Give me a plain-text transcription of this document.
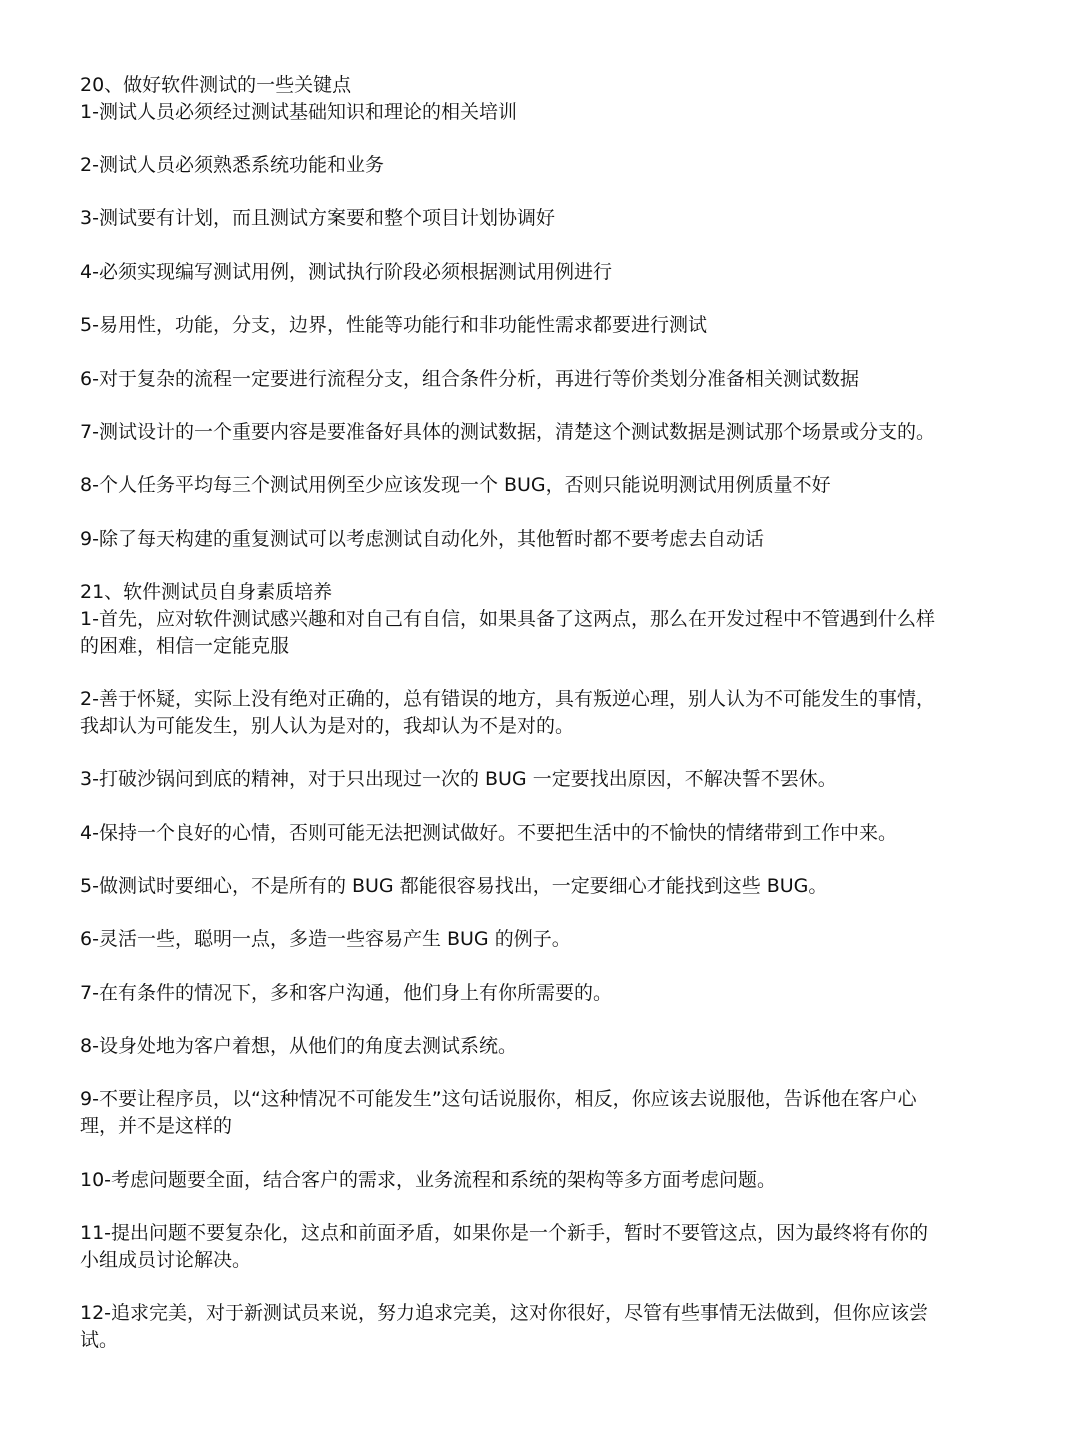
20、做好软件测试的一些关键点
1-测试人员必须经过测试基础知识和理论的相关培训
2-测试人员必须熟悉系统功能和业务
3-测试要有计划，而且测试方案要和整个项目计划协调好
4-必须实现编写测试用例，测试执行阶段必须根据测试用例进行
5-易用性，功能，分支，边界，性能等功能行和非功能性需求都要进行测试
6-对于复杂的流程一定要进行流程分支，组合条件分析，再进行等价类划分准备相关测试数据
7-测试设计的一个重要内容是要准备好具体的测试数据，清楚这个测试数据是测试那个场景或分支的。
8-个人任务平均每三个测试用例至少应该发现一个 BUG，否则只能说明测试用例质量不好
9-除了每天构建的重复测试可以考虑测试自动化外，其他暂时都不要考虑去自动话
21、软件测试员自身素质培养
1-首先，应对软件测试感兴趣和对自己有自信，如果具备了这两点，那么在开发过程中不管遇到什么样
的困难，相信一定能克服
2-善于怀疑，实际上没有绝对正确的，总有错误的地方，具有叛逆心理，别人认为不可能发生的事情，
我却认为可能发生，别人认为是对的，我却认为不是对的。
3-打破沙锅问到底的精神，对于只出现过一次的 BUG 一定要找出原因，不解决誓不罢休。
4-保持一个良好的心情，否则可能无法把测试做好。不要把生活中的不愉快的情绪带到工作中来。
5-做测试时要细心，不是所有的 BUG 都能很容易找出，一定要细心才能找到这些 BUG。
6-灵活一些，聪明一点，多造一些容易产生 BUG 的例子。
7-在有条件的情况下，多和客户沟通，他们身上有你所需要的。
8-设身处地为客户着想，从他们的角度去测试系统。
9-不要让程序员，以“这种情况不可能发生”这句话说服你，相反，你应该去说服他，告诉他在客户心
理，并不是这样的
10-考虑问题要全面，结合客户的需求，业务流程和系统的架构等多方面考虑问题。
11-提出问题不要复杂化，这点和前面矛盾，如果你是一个新手，暂时不要管这点，因为最终将有你的
小组成员讨论解决。
12-追求完美，对于新测试员来说，努力追求完美，这对你很好，尽管有些事情无法做到，但你应该尝
试。
